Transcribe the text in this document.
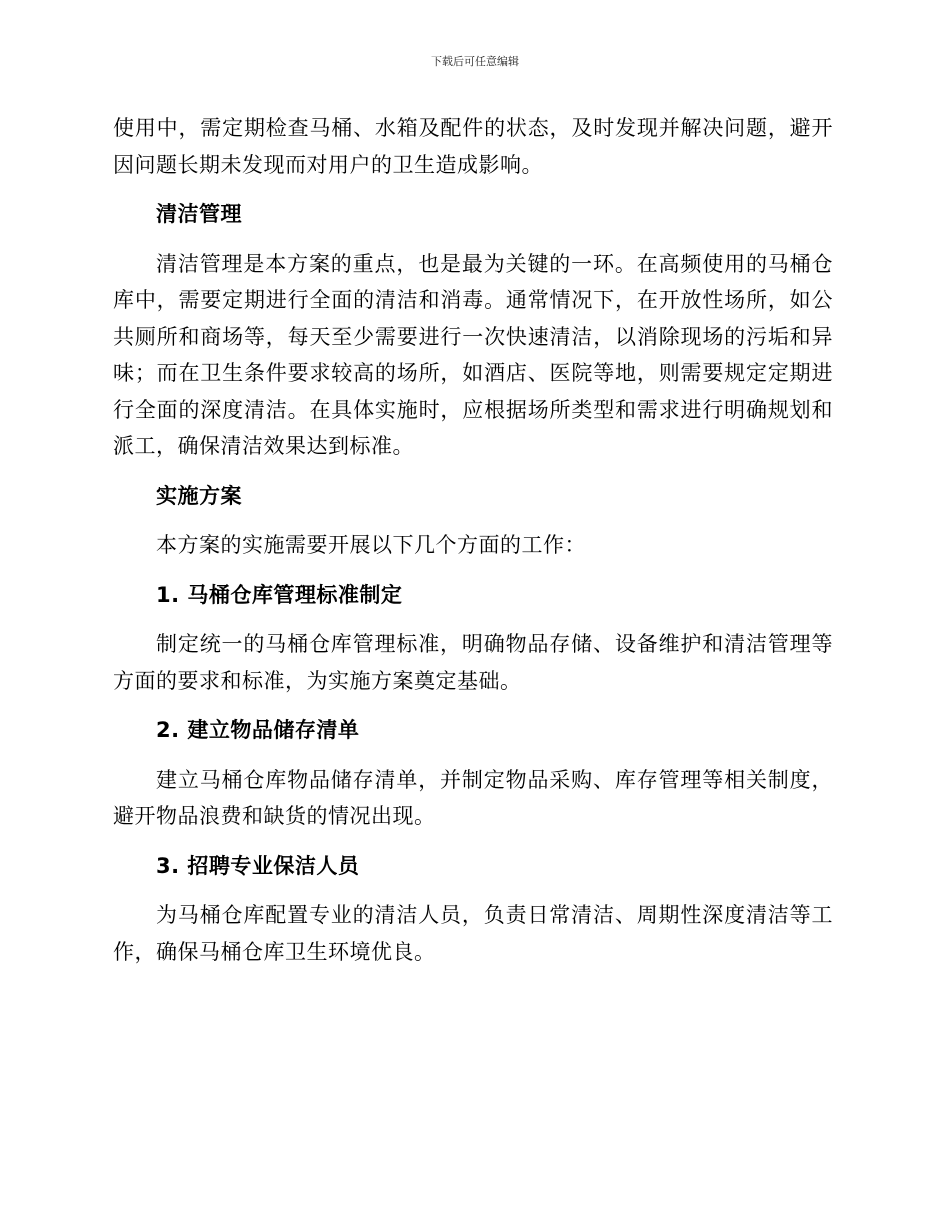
下载后可任意编辑

使用中，需定期检查马桶、水箱及配件的状态，及时发现并解决问题，避开因问题长期未发现而对用户的卫生造成影响。

清洁管理

清洁管理是本方案的重点，也是最为关键的一环。在高频使用的马桶仓库中，需要定期进行全面的清洁和消毒。通常情况下，在开放性场所，如公共厕所和商场等，每天至少需要进行一次快速清洁，以消除现场的污垢和异味；而在卫生条件要求较高的场所，如酒店、医院等地，则需要规定定期进行全面的深度清洁。在具体实施时，应根据场所类型和需求进行明确规划和派工，确保清洁效果达到标准。

实施方案

本方案的实施需要开展以下几个方面的工作：

1. 马桶仓库管理标准制定

制定统一的马桶仓库管理标准，明确物品存储、设备维护和清洁管理等方面的要求和标准，为实施方案奠定基础。

2. 建立物品储存清单

建立马桶仓库物品储存清单，并制定物品采购、库存管理等相关制度，避开物品浪费和缺货的情况出现。

3. 招聘专业保洁人员

为马桶仓库配置专业的清洁人员，负责日常清洁、周期性深度清洁等工作，确保马桶仓库卫生环境优良。
